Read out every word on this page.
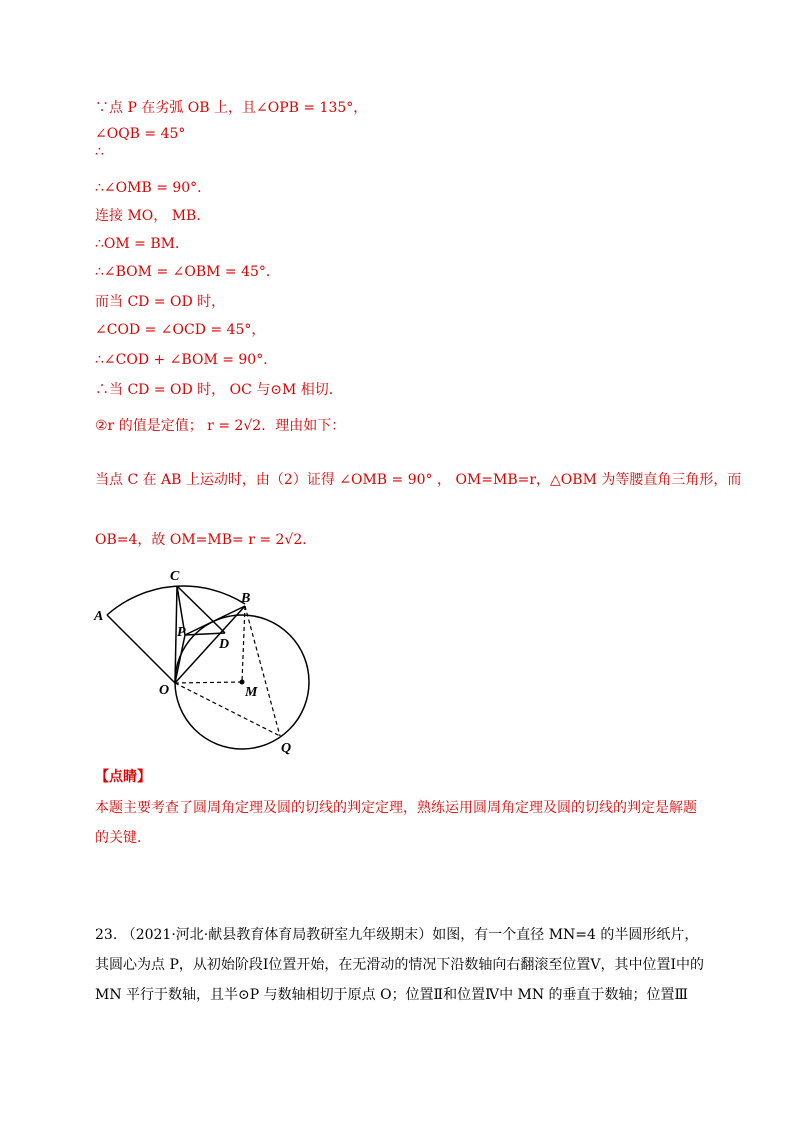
∵点 P 在劣弧 OB 上，且∠OPB = 135°，
∠OQB = 45°
∴
∴∠OMB = 90°．
连接 MO， MB．
∴OM = BM．
∴∠BOM = ∠OBM = 45°．
而当 CD = OD 时，
∠COD = ∠OCD = 45°，
∴∠COD + ∠BOM = 90°．
∴当 CD = OD 时， OC 与⊙M 相切．
②r 的值是定值； r = 2√2．理由如下：
当点 C 在 AB 上运动时，由（2）证得 ∠OMB = 90° ， OM=MB=r，△OBM 为等腰直角三角形，而
OB=4，故 OM=MB= r = 2√2．
C
A
B
P
D
O	M
Q
【点睛】
本题主要考查了圆周角定理及圆的切线的判定定理，熟练运用圆周角定理及圆的切线的判定是解题的关键.
23. （2021·河北·献县教育体育局教研室九年级期末）如图，有一个直径 MN=4 的半圆形纸片，其圆心为点 P，从初始阶段Ⅰ位置开始，在无滑动的情况下沿数轴向右翻滚至位置Ⅴ，其中位置Ⅰ中的 MN 平行于数轴，且半⊙P 与数轴相切于原点 O；位置Ⅱ和位置Ⅳ中 MN 的垂直于数轴；位置Ⅲ
